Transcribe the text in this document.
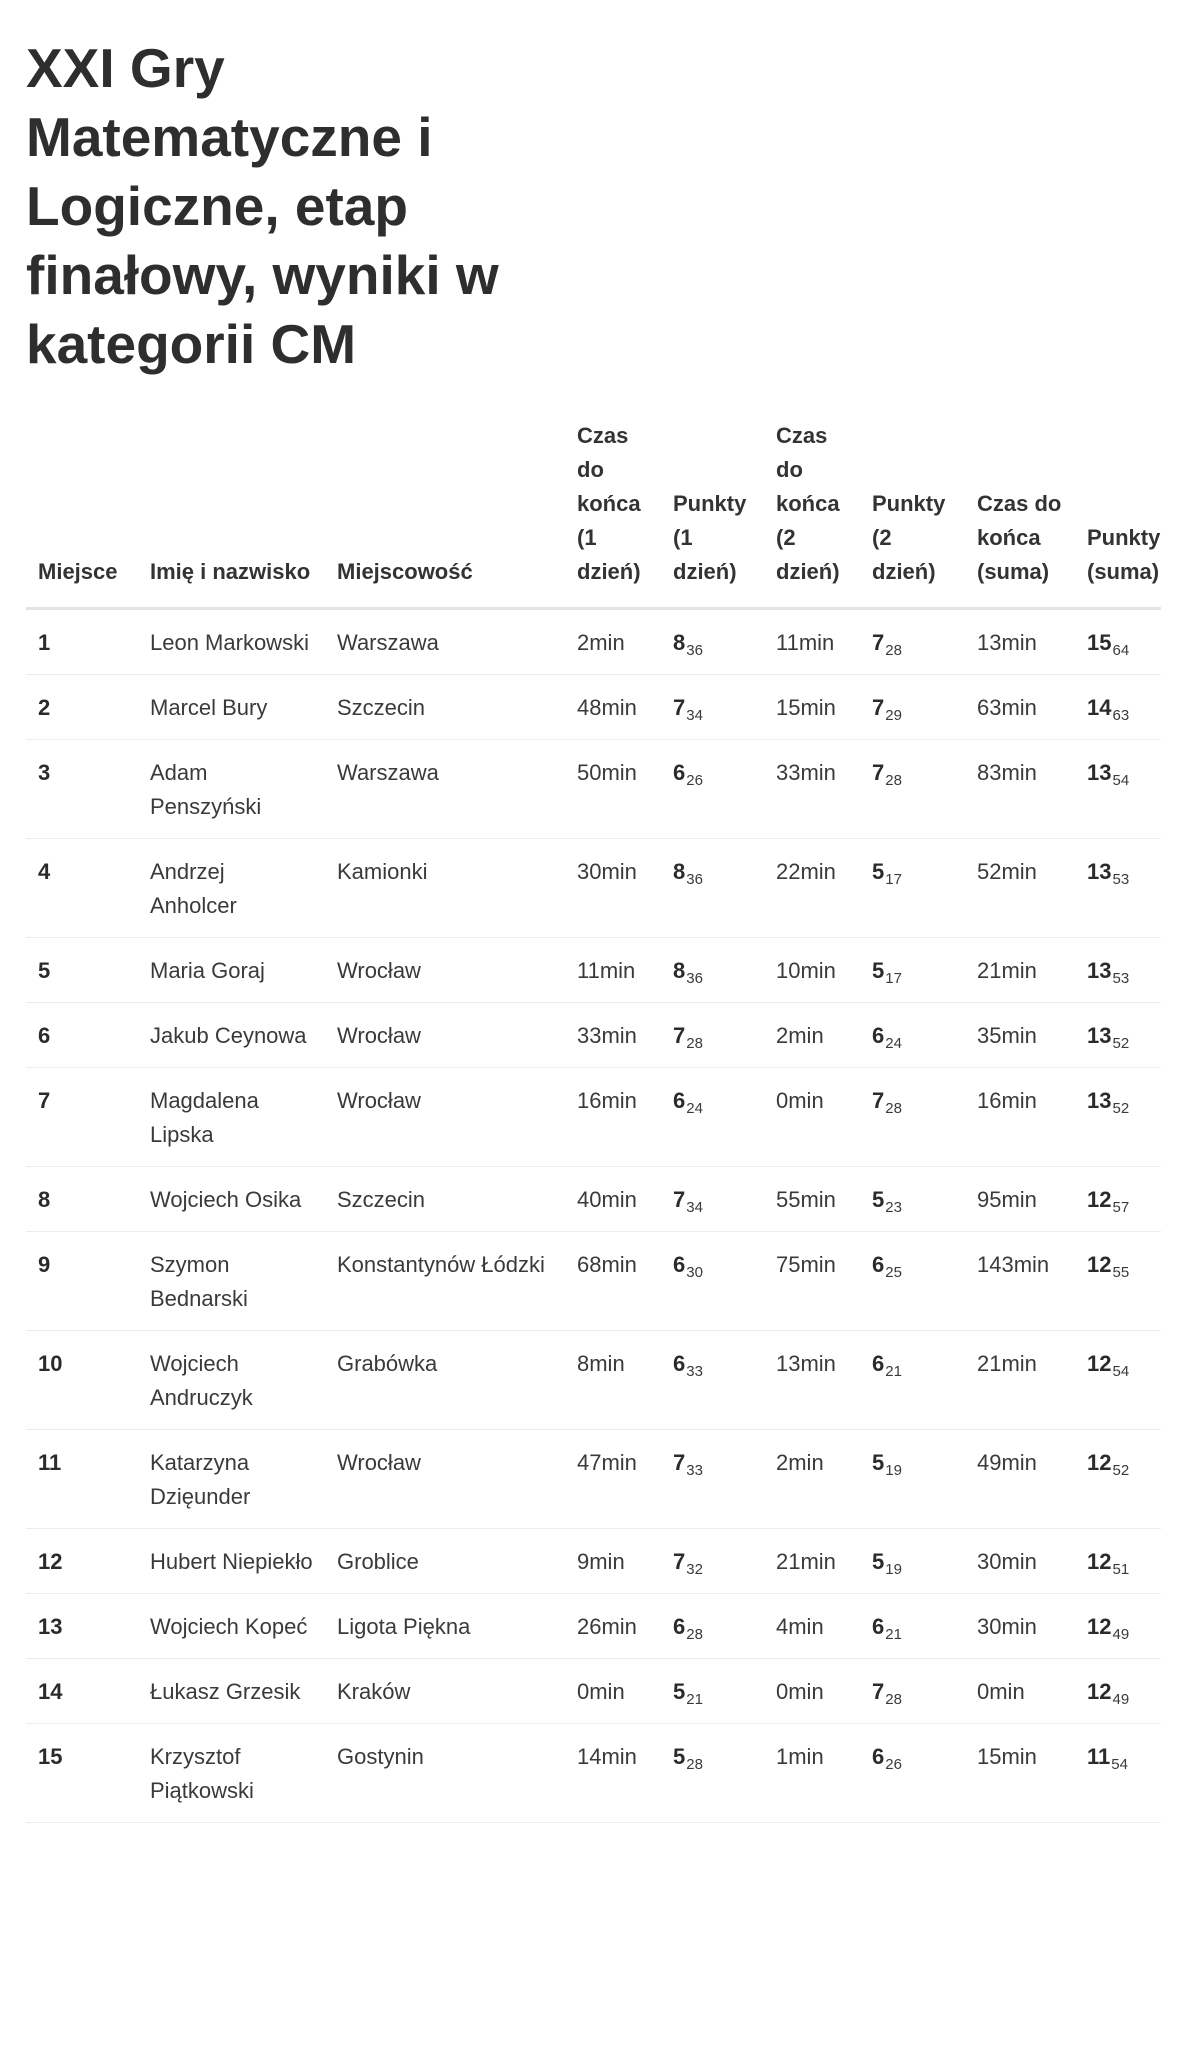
XXI Gry Matematyczne i Logiczne, etap finałowy, wyniki w kategorii CM
Miejsce	Imię i nazwisko	Miejscowość	Czas do końca (1 dzień)	Punkty (1 dzień)	Czas do końca (2 dzień)	Punkty (2 dzień)	Czas do końca (suma)	Punkty (suma)
1	Leon Markowski	Warszawa	2min	$8_{36}$	11min	$7_{28}$	13min	$15_{64}$
2	Marcel Bury	Szczecin	48min	$7_{34}$	15min	$7_{29}$	63min	$14_{63}$
3	Adam Penszyński	Warszawa	50min	$6_{26}$	33min	$7_{28}$	83min	$13_{54}$
4	Andrzej Anholcer	Kamionki	30min	$8_{36}$	22min	$5_{17}$	52min	$13_{53}$
5	Maria Goraj	Wrocław	11min	$8_{36}$	10min	$5_{17}$	21min	$13_{53}$
6	Jakub Ceynowa	Wrocław	33min	$7_{28}$	2min	$6_{24}$	35min	$13_{52}$
7	Magdalena Lipska	Wrocław	16min	$6_{24}$	0min	$7_{28}$	16min	$13_{52}$
8	Wojciech Osika	Szczecin	40min	$7_{34}$	55min	$5_{23}$	95min	$12_{57}$
9	Szymon Bednarski	Konstantynów Łódzki	68min	$6_{30}$	75min	$6_{25}$	143min	$12_{55}$
10	Wojciech Andruczyk	Grabówka	8min	$6_{33}$	13min	$6_{21}$	21min	$12_{54}$
11	Katarzyna Dzięunder	Wrocław	47min	$7_{33}$	2min	$5_{19}$	49min	$12_{52}$
12	Hubert Niepiekło	Groblice	9min	$7_{32}$	21min	$5_{19}$	30min	$12_{51}$
13	Wojciech Kopeć	Ligota Piękna	26min	$6_{28}$	4min	$6_{21}$	30min	$12_{49}$
14	Łukasz Grzesik	Kraków	0min	$5_{21}$	0min	$7_{28}$	0min	$12_{49}$
15	Krzysztof Piątkowski	Gostynin	14min	$5_{28}$	1min	$6_{26}$	15min	$11_{54}$
